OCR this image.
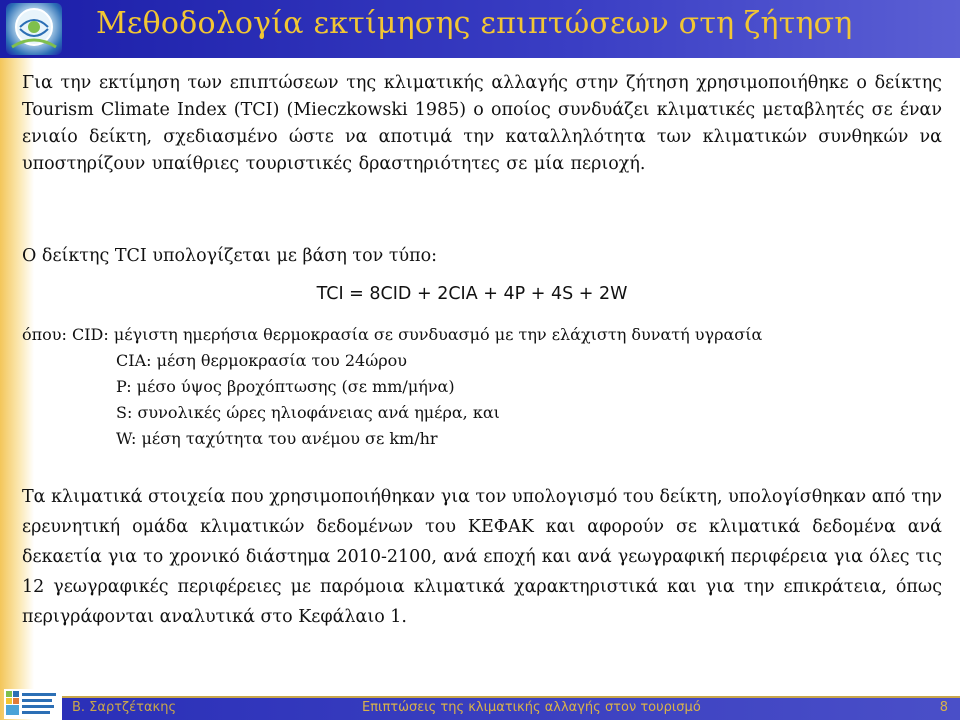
Μεθοδολογία εκτίμησης επιπτώσεων στη ζήτηση

Για την εκτίμηση των επιπτώσεων της κλιματικής αλλαγής στην ζήτηση χρησιμοποιήθηκε ο δείκτης Tourism Climate Index (TCI) (Mieczkowski 1985) ο οποίος συνδυάζει κλιματικές μεταβλητές σε έναν ενιαίο δείκτη, σχεδιασμένο ώστε να αποτιμά την καταλληλότητα των κλιματικών συνθηκών να υποστηρίζουν υπαίθριες τουριστικές δραστηριότητες σε μία περιοχή.

Ο δείκτης TCI υπολογίζεται με βάση τον τύπο:
TCI = 8CID + 2CIA + 4P + 4S + 2W
όπου: CID: μέγιστη ημερήσια θερμοκρασία σε συνδυασμό με την ελάχιστη δυνατή υγρασία
CIA: μέση θερμοκρασία του 24ώρου
P: μέσο ύψος βροχόπτωσης (σε mm/μήνα)
S: συνολικές ώρες ηλιοφάνειας ανά ημέρα, και
W: μέση ταχύτητα του ανέμου σε km/hr

Τα κλιματικά στοιχεία που χρησιμοποιήθηκαν για τον υπολογισμό του δείκτη, υπολογίσθηκαν από την ερευνητική ομάδα κλιματικών δεδομένων του ΚΕΦΑΚ και αφορούν σε κλιματικά δεδομένα ανά δεκαετία για το χρονικό διάστημα 2010-2100, ανά εποχή και ανά γεωγραφική περιφέρεια για όλες τις 12 γεωγραφικές περιφέρειες με παρόμοια κλιματικά χαρακτηριστικά και για την επικράτεια, όπως περιγράφονται αναλυτικά στο Κεφάλαιο 1.

Β. Σαρτζέτακης	Επιπτώσεις της κλιματικής αλλαγής στον τουρισμό	8
